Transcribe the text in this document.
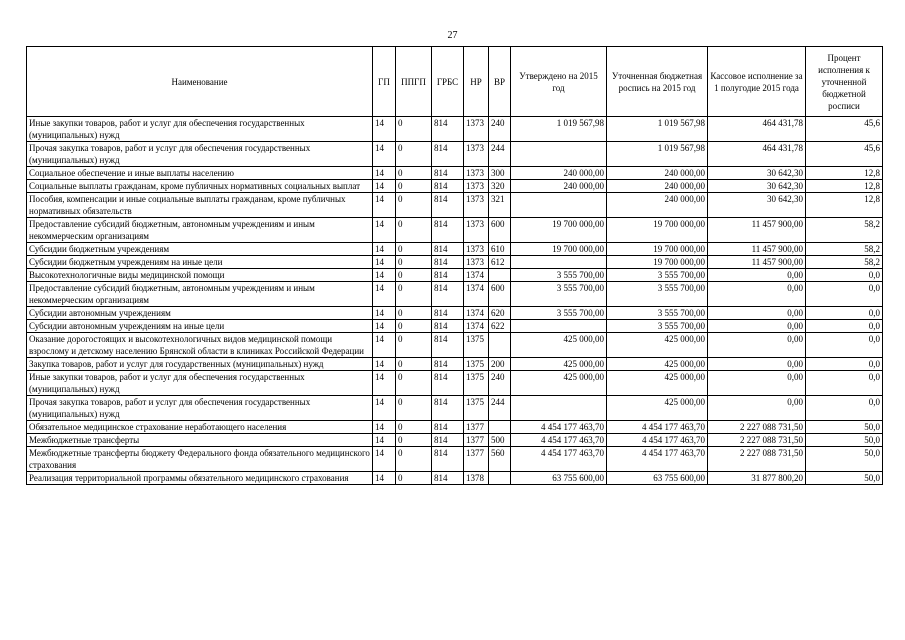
27
Наименование	ГП	ППГП	ГРБС	НР	ВР	Утверждено на 2015 год	Уточненная бюджетная роспись на 2015 год	Кассовое исполнение за 1 полугодие 2015 года	Процент исполнения к уточненной бюджетной росписи
Иные закупки товаров, работ и услуг для обеспечения государственных (муниципальных) нужд	14	0	814	1373	240	1 019 567,98	1 019 567,98	464 431,78	45,6
Прочая закупка товаров, работ и услуг для обеспечения государственных (муниципальных) нужд	14	0	814	1373	244		1 019 567,98	464 431,78	45,6
Социальное обеспечение и иные выплаты населению	14	0	814	1373	300	240 000,00	240 000,00	30 642,30	12,8
Социальные выплаты гражданам, кроме публичных нормативных социальных выплат	14	0	814	1373	320	240 000,00	240 000,00	30 642,30	12,8
Пособия, компенсации и иные социальные выплаты гражданам, кроме публичных нормативных обязательств	14	0	814	1373	321		240 000,00	30 642,30	12,8
Предоставление субсидий бюджетным, автономным учреждениям и иным некоммерческим организациям	14	0	814	1373	600	19 700 000,00	19 700 000,00	11 457 900,00	58,2
Субсидии бюджетным учреждениям	14	0	814	1373	610	19 700 000,00	19 700 000,00	11 457 900,00	58,2
Субсидии бюджетным учреждениям на иные цели	14	0	814	1373	612		19 700 000,00	11 457 900,00	58,2
Высокотехнологичные виды медицинской помощи	14	0	814	1374		3 555 700,00	3 555 700,00	0,00	0,0
Предоставление субсидий бюджетным, автономным учреждениям и иным некоммерческим организациям	14	0	814	1374	600	3 555 700,00	3 555 700,00	0,00	0,0
Субсидии автономным учреждениям	14	0	814	1374	620	3 555 700,00	3 555 700,00	0,00	0,0
Субсидии автономным учреждениям на иные цели	14	0	814	1374	622		3 555 700,00	0,00	0,0
Оказание дорогостоящих и высокотехнологичных видов медицинской помощи взрослому и детскому населению Брянской области в клиниках Российской Федерации	14	0	814	1375		425 000,00	425 000,00	0,00	0,0
Закупка товаров, работ и услуг для государственных (муниципальных) нужд	14	0	814	1375	200	425 000,00	425 000,00	0,00	0,0
Иные закупки товаров, работ и услуг для обеспечения государственных (муниципальных) нужд	14	0	814	1375	240	425 000,00	425 000,00	0,00	0,0
Прочая закупка товаров, работ и услуг для обеспечения государственных (муниципальных) нужд	14	0	814	1375	244		425 000,00	0,00	0,0
Обязательное медицинское страхование неработающего населения	14	0	814	1377		4 454 177 463,70	4 454 177 463,70	2 227 088 731,50	50,0
Межбюджетные трансферты	14	0	814	1377	500	4 454 177 463,70	4 454 177 463,70	2 227 088 731,50	50,0
Межбюджетные трансферты бюджету Федерального фонда обязательного медицинского страхования	14	0	814	1377	560	4 454 177 463,70	4 454 177 463,70	2 227 088 731,50	50,0
Реализация территориальной программы обязательного медицинского страхования	14	0	814	1378		63 755 600,00	63 755 600,00	31 877 800,20	50,0
